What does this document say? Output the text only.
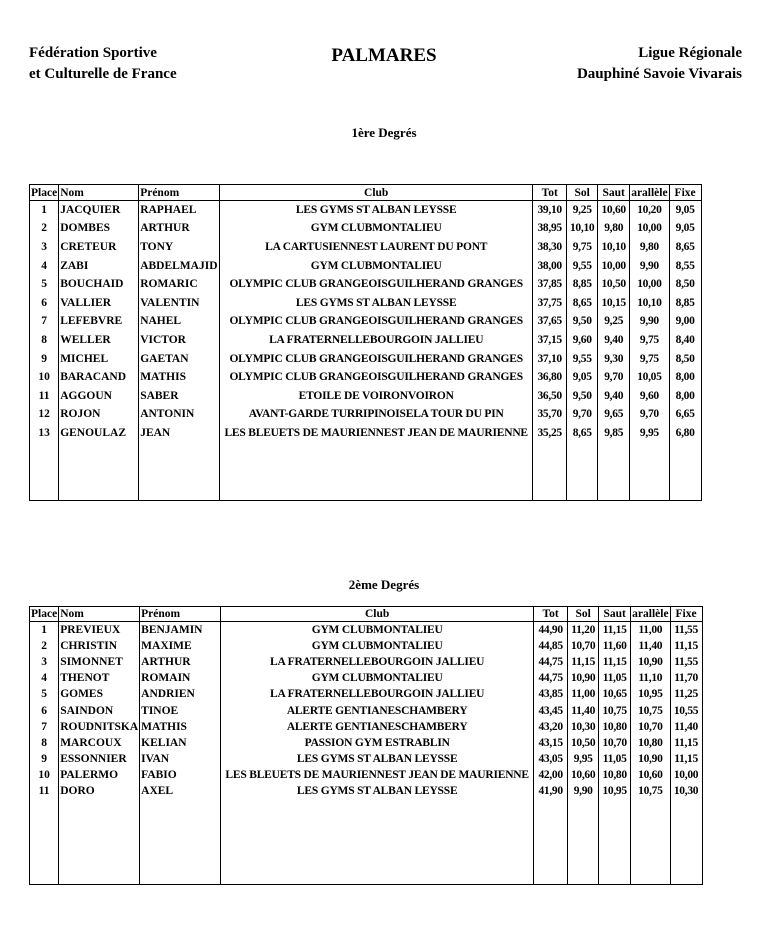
Fédération Sportive
et Culturelle de France
PALMARES	Ligue Régionale
Dauphiné Savoie Vivarais
1ère Degrés
Place	Nom	Prénom	Club	Tot	Sol	Saut	arallèle	Fixe
1	JACQUIER	RAPHAEL	LES GYMS ST ALBAN LEYSSE	39,10	9,25	10,60	10,20	9,05
2	DOMBES	ARTHUR	GYM CLUBMONTALIEU	38,95	10,10	9,80	10,00	9,05
3	CRETEUR	TONY	LA CARTUSIENNEST LAURENT DU PONT	38,30	9,75	10,10	9,80	8,65
4	ZABI	ABDELMAJID	GYM CLUBMONTALIEU	38,00	9,55	10,00	9,90	8,55
5	BOUCHAID	ROMARIC	OLYMPIC CLUB GRANGEOISGUILHERAND GRANGES	37,85	8,85	10,50	10,00	8,50
6	VALLIER	VALENTIN	LES GYMS ST ALBAN LEYSSE	37,75	8,65	10,15	10,10	8,85
7	LEFEBVRE	NAHEL	OLYMPIC CLUB GRANGEOISGUILHERAND GRANGES	37,65	9,50	9,25	9,90	9,00
8	WELLER	VICTOR	LA FRATERNELLEBOURGOIN JALLIEU	37,15	9,60	9,40	9,75	8,40
9	MICHEL	GAETAN	OLYMPIC CLUB GRANGEOISGUILHERAND GRANGES	37,10	9,55	9,30	9,75	8,50
10	BARACAND	MATHIS	OLYMPIC CLUB GRANGEOISGUILHERAND GRANGES	36,80	9,05	9,70	10,05	8,00
11	AGGOUN	SABER	ETOILE DE VOIRONVOIRON	36,50	9,50	9,40	9,60	8,00
12	ROJON	ANTONIN	AVANT-GARDE TURRIPINOISELA TOUR DU PIN	35,70	9,70	9,65	9,70	6,65
13	GENOULAZ	JEAN	LES BLEUETS DE MAURIENNEST JEAN DE MAURIENNE	35,25	8,65	9,85	9,95	6,80

2ème Degrés
Place	Nom	Prénom	Club	Tot	Sol	Saut	arallèle	Fixe
1	PREVIEUX	BENJAMIN	GYM CLUBMONTALIEU	44,90	11,20	11,15	11,00	11,55
2	CHRISTIN	MAXIME	GYM CLUBMONTALIEU	44,85	10,70	11,60	11,40	11,15
3	SIMONNET	ARTHUR	LA FRATERNELLEBOURGOIN JALLIEU	44,75	11,15	11,15	10,90	11,55
4	THENOT	ROMAIN	GYM CLUBMONTALIEU	44,75	10,90	11,05	11,10	11,70
5	GOMES	ANDRIEN	LA FRATERNELLEBOURGOIN JALLIEU	43,85	11,00	10,65	10,95	11,25
6	SAINDON	TINOE	ALERTE GENTIANESCHAMBERY	43,45	11,40	10,75	10,75	10,55
7	ROUDNITSKA	MATHIS	ALERTE GENTIANESCHAMBERY	43,20	10,30	10,80	10,70	11,40
8	MARCOUX	KELIAN	PASSION GYM ESTRABLIN	43,15	10,50	10,70	10,80	11,15
9	ESSONNIER	IVAN	LES GYMS ST ALBAN LEYSSE	43,05	9,95	11,05	10,90	11,15
10	PALERMO	FABIO	LES BLEUETS DE MAURIENNEST JEAN DE MAURIENNE	42,00	10,60	10,80	10,60	10,00
11	DORO	AXEL	LES GYMS ST ALBAN LEYSSE	41,90	9,90	10,95	10,75	10,30
